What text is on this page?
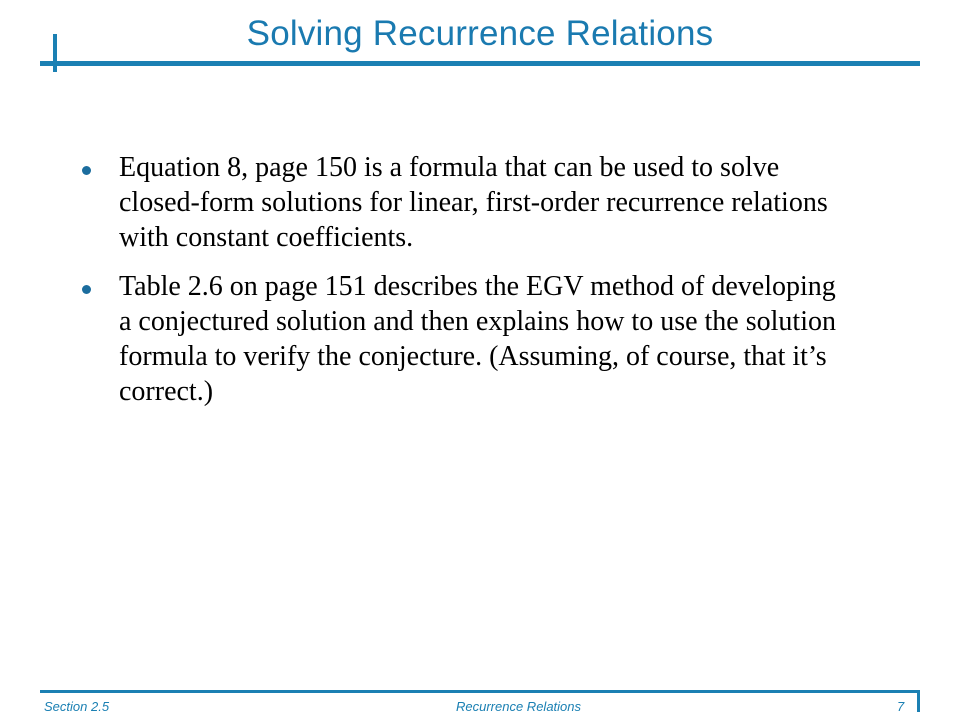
Solving Recurrence Relations
Equation 8, page 150 is a formula that can be used to solve closed-form solutions for linear, first-order recurrence relations with constant coefficients.
Table 2.6 on page 151 describes the EGV method of developing a conjectured solution and then explains how to use the solution formula to verify the conjecture. (Assuming, of course, that it’s correct.)
Section 2.5	Recurrence Relations	7
